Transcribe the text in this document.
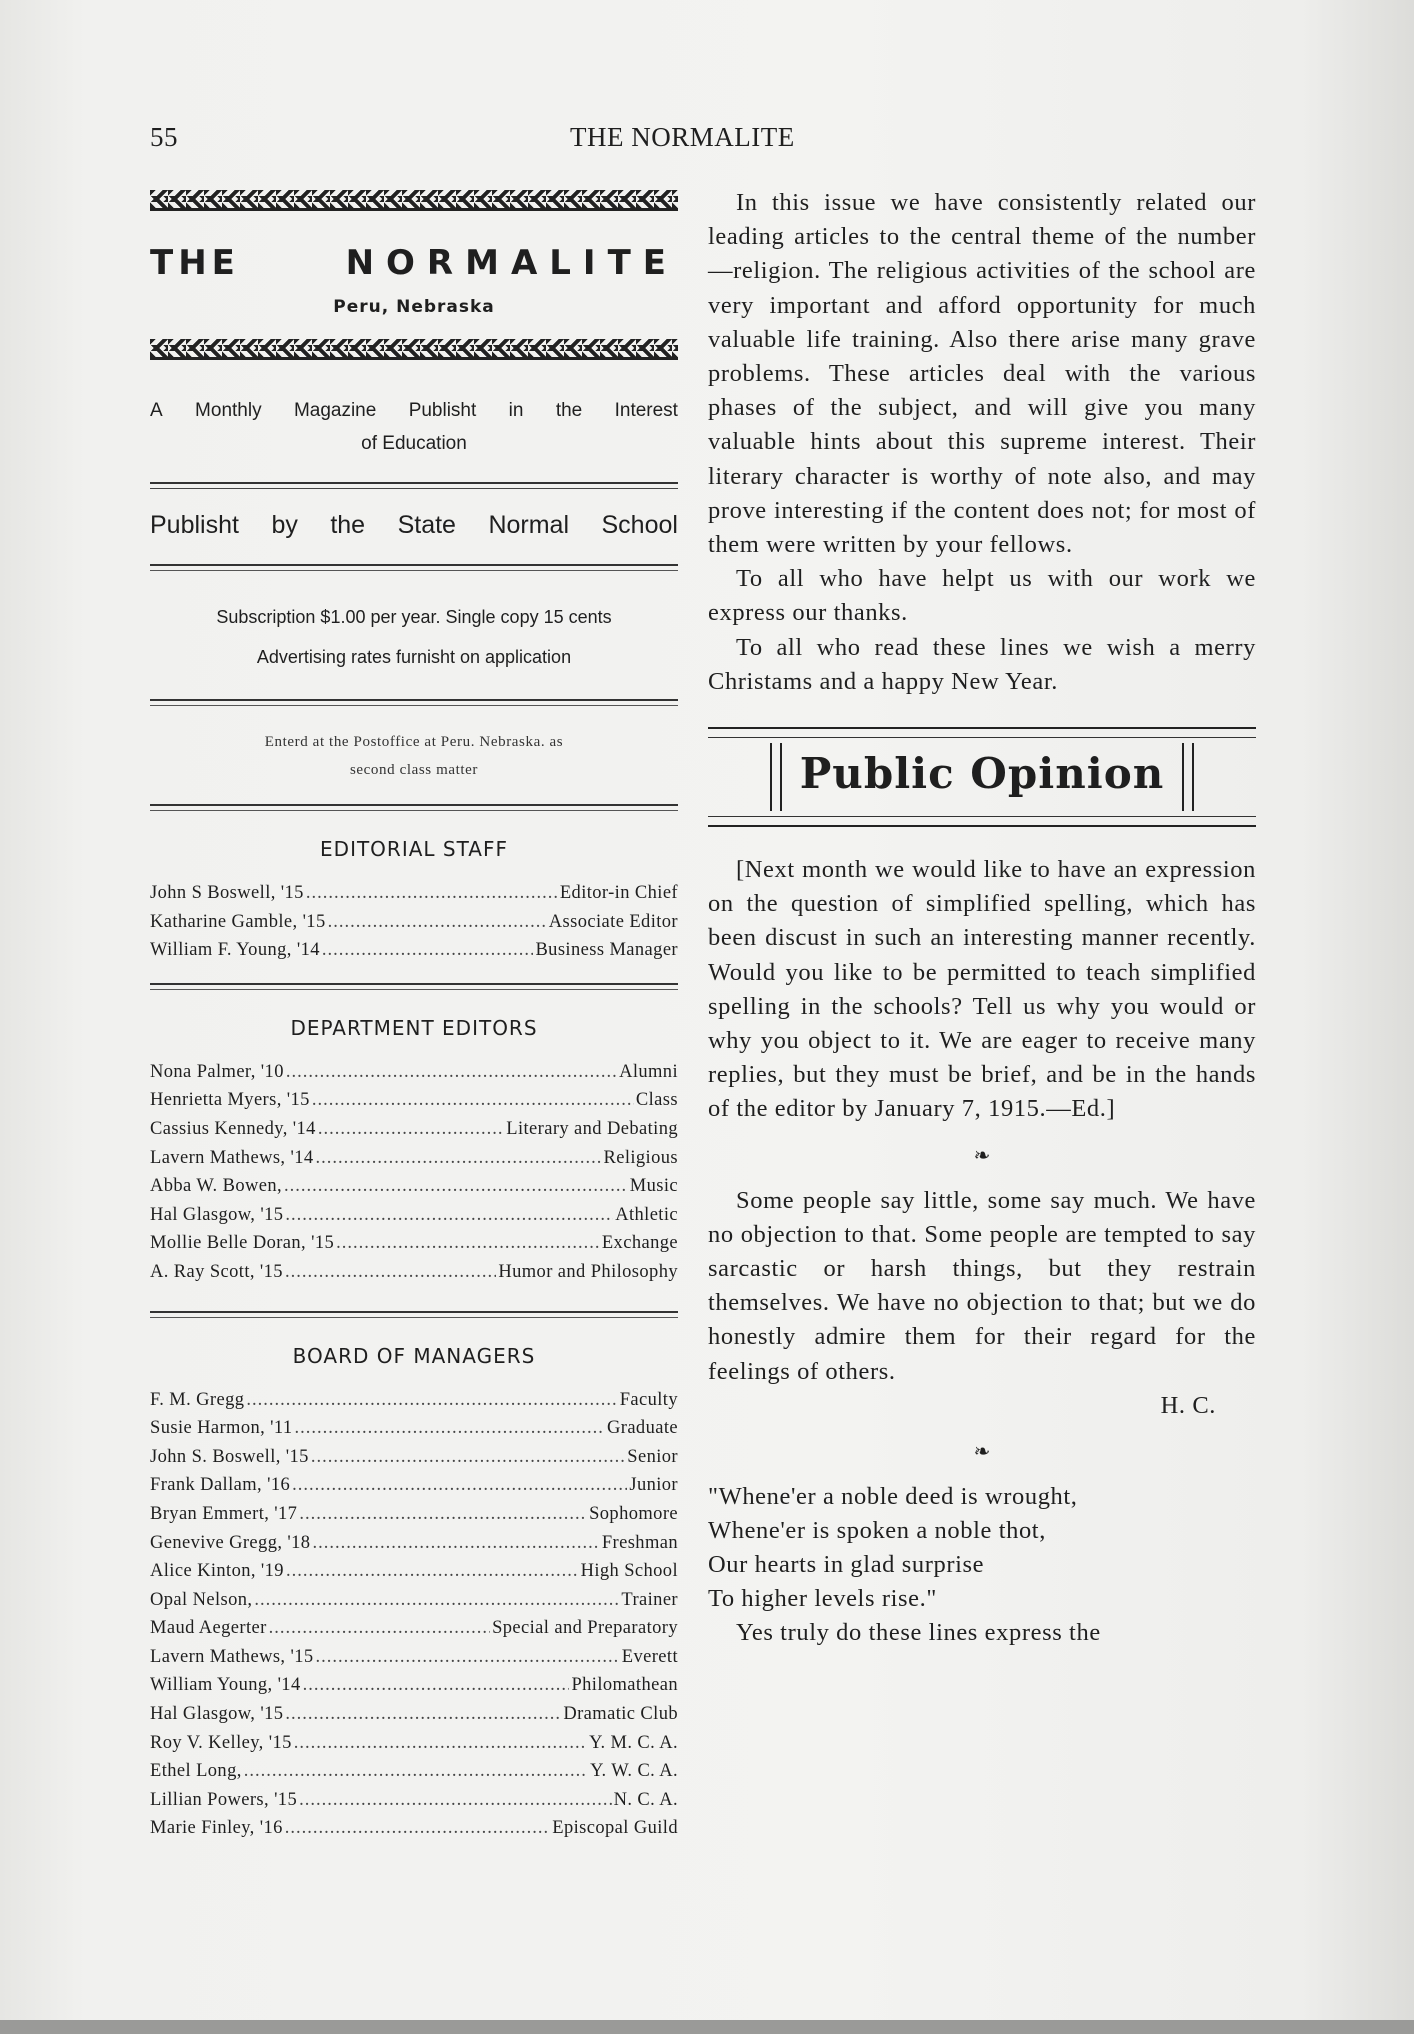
55	THE NORMALITE
THE	NORMALITE
Peru, Nebraska
A Monthly Magazine Publisht in the Interest
of Education
Publisht by the State Normal School
Subscription $1.00 per year. Single copy 15 cents
Advertising rates furnisht on application
Enterd at the Postoffice at Peru. Nebraska. as
second class matter
EDITORIAL STAFF
John S Boswell, '15 .....	Editor-in Chief
Katharine Gamble, '15 .....	Associate Editor
William F. Young, '14 .....	Business Manager
DEPARTMENT EDITORS
Nona Palmer, '10 .....	Alumni
Henrietta Myers, '15 .....	Class
Cassius Kennedy, '14 .....	Literary and Debating
Lavern Mathews, '14 .....	Religious
Abba W. Bowen, .....	Music
Hal Glasgow, '15 .....	Athletic
Mollie Belle Doran, '15 .....	Exchange
A. Ray Scott, '15 .....	Humor and Philosophy
BOARD OF MANAGERS
F. M. Gregg .....	Faculty
Susie Harmon, '11 .....	Graduate
John S. Boswell, '15 .....	Senior
Frank Dallam, '16 .....	Junior
Bryan Emmert, '17 .....	Sophomore
Genevive Gregg, '18 .....	Freshman
Alice Kinton, '19 .....	High School
Opal Nelson, .....	Trainer
Maud Aegerter .....	Special and Preparatory
Lavern Mathews, '15 .....	Everett
William Young, '14 .....	Philomathean
Hal Glasgow, '15 .....	Dramatic Club
Roy V. Kelley, '15 .....	Y. M. C. A.
Ethel Long, .....	Y. W. C. A.
Lillian Powers, '15 .....	N. C. A.
Marie Finley, '16 .....	Episcopal Guild

In this issue we have consistently related our leading articles to the central theme of the number—religion. The religious activities of the school are very important and afford opportunity for much valuable life training. Also there arise many grave problems. These articles deal with the various phases of the subject, and will give you many valuable hints about this supreme interest. Their literary character is worthy of note also, and may prove interesting if the content does not; for most of them were written by your fellows.

To all who have helpt us with our work we express our thanks.

To all who read these lines we wish a merry Christams and a happy New Year.

Public Opinion

[Next month we would like to have an expression on the question of simplified spelling, which has been discust in such an interesting manner recently. Would you like to be permitted to teach simplified spelling in the schools? Tell us why you would or why you object to it. We are eager to receive many replies, but they must be brief, and be in the hands of the editor by January 7, 1915.—Ed.]

❧

Some people say little, some say much. We have no objection to that. Some people are tempted to say sarcastic or harsh things, but they restrain themselves. We have no objection to that; but we do honestly admire them for their regard for the feelings of others.

H. C.

❧
"Whene'er a noble deed is wrought,
Whene'er is spoken a noble thot,
Our hearts in glad surprise
To higher levels rise."

Yes truly do these lines express the
